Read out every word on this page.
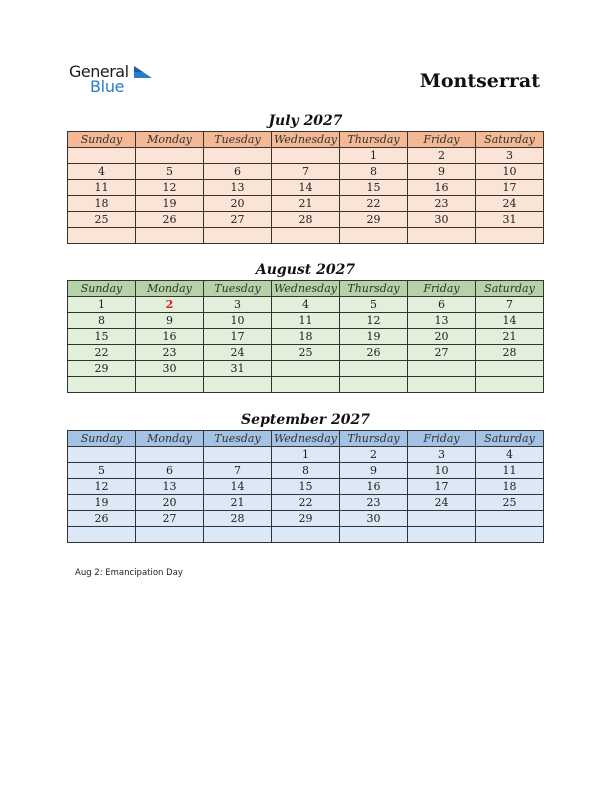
General
Blue	Montserrat
July 2027
Sunday	Monday	Tuesday	Wednesday	Thursday	Friday	Saturday
				1	2	3
4	5	6	7	8	9	10
11	12	13	14	15	16	17
18	19	20	21	22	23	24
25	26	27	28	29	30	31

August 2027
Sunday	Monday	Tuesday	Wednesday	Thursday	Friday	Saturday
1	2	3	4	5	6	7
8	9	10	11	12	13	14
15	16	17	18	19	20	21
22	23	24	25	26	27	28
29	30	31				

September 2027
Sunday	Monday	Tuesday	Wednesday	Thursday	Friday	Saturday
			1	2	3	4
5	6	7	8	9	10	11
12	13	14	15	16	17	18
19	20	21	22	23	24	25
26	27	28	29	30		

Aug 2: Emancipation Day
